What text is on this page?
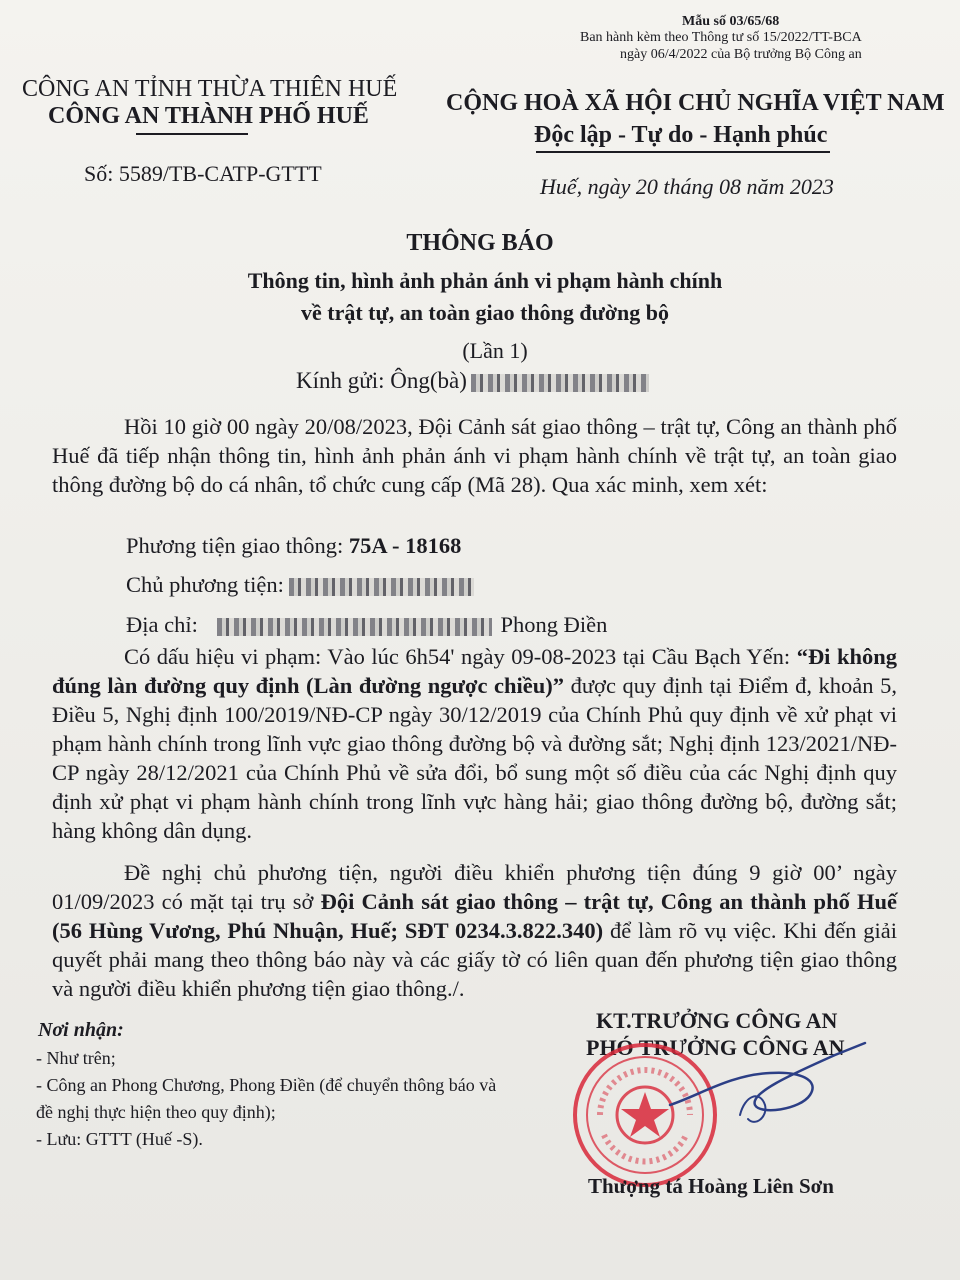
Mẫu số 03/65/68
Ban hành kèm theo Thông tư số 15/2022/TT-BCA
ngày 06/4/2022 của Bộ trưởng Bộ Công an
CÔNG AN TỈNH THỪA THIÊN HUẾ
CÔNG AN THÀNH PHỐ HUẾ	CỘNG HOÀ XÃ HỘI CHỦ NGHĨA VIỆT NAM
Độc lập - Tự do - Hạnh phúc
Số: 5589/TB-CATP-GTTT
Huế, ngày 20 tháng 08 năm 2023
THÔNG BÁO
Thông tin, hình ảnh phản ánh vi phạm hành chính
về trật tự, an toàn giao thông đường bộ
(Lần 1)
Kính gửi: Ông(bà)
Hồi 10 giờ 00 ngày 20/08/2023, Đội Cảnh sát giao thông – trật tự, Công an thành phố Huế đã tiếp nhận thông tin, hình ảnh phản ánh vi phạm hành chính về trật tự, an toàn giao thông đường bộ do cá nhân, tổ chức cung cấp (Mã 28). Qua xác minh, xem xét:
Phương tiện giao thông: 75A - 18168
Chủ phương tiện:
Địa chỉ:	Phong Điền
Có dấu hiệu vi phạm: Vào lúc 6h54' ngày 09-08-2023 tại Cầu Bạch Yến: “Đi không đúng làn đường quy định (Làn đường ngược chiều)” được quy định tại Điểm đ, khoản 5, Điều 5, Nghị định 100/2019/NĐ-CP ngày 30/12/2019 của Chính Phủ quy định về xử phạt vi phạm hành chính trong lĩnh vực giao thông đường bộ và đường sắt; Nghị định 123/2021/NĐ-CP ngày 28/12/2021 của Chính Phủ về sửa đổi, bổ sung một số điều của các Nghị định quy định xử phạt vi phạm hành chính trong lĩnh vực hàng hải; giao thông đường bộ, đường sắt; hàng không dân dụng.
Đề nghị chủ phương tiện, người điều khiển phương tiện đúng 9 giờ 00’ ngày 01/09/2023 có mặt tại trụ sở Đội Cảnh sát giao thông – trật tự, Công an thành phố Huế (56 Hùng Vương, Phú Nhuận, Huế; SĐT 0234.3.822.340) để làm rõ vụ việc. Khi đến giải quyết phải mang theo thông báo này và các giấy tờ có liên quan đến phương tiện giao thông và người điều khiển phương tiện giao thông./.
Nơi nhận:
- Như trên;
- Công an Phong Chương, Phong Điền (để chuyển thông báo và đề nghị thực hiện theo quy định);
- Lưu: GTTT (Huế -S).
KT.TRƯỞNG CÔNG AN
PHÓ TRƯỞNG CÔNG AN
Thượng tá Hoàng Liên Sơn
